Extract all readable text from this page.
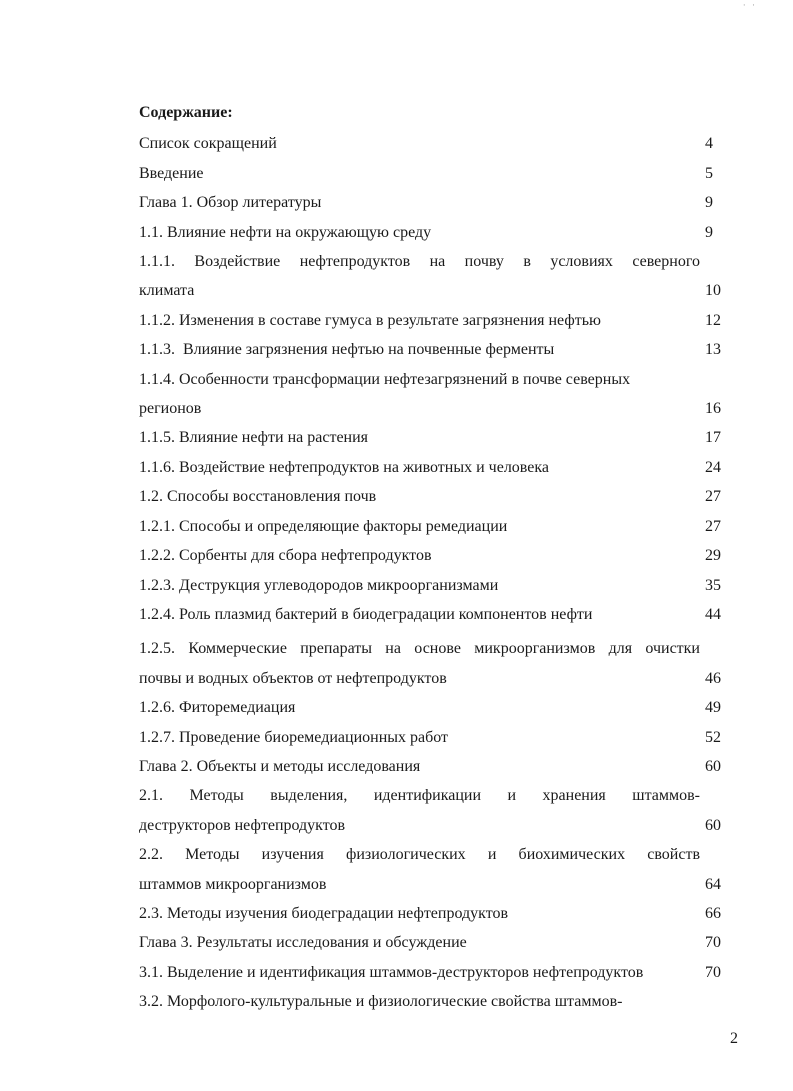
· ·
Содержание:
Список сокращений	4
Введение	5
Глава 1. Обзор литературы	9
1.1. Влияние нефти на окружающую среду	9
1.1.1. Воздействие нефтепродуктов на почву в условиях северного
климата	10
1.1.2. Изменения в составе гумуса в результате загрязнения нефтью	12
1.1.3.  Влияние загрязнения нефтью на почвенные ферменты	13
1.1.4. Особенности трансформации нефтезагрязнений в почве северных
регионов	16
1.1.5. Влияние нефти на растения	17
1.1.6. Воздействие нефтепродуктов на животных и человека	24
1.2. Способы восстановления почв	27
1.2.1. Способы и определяющие факторы ремедиации	27
1.2.2. Сорбенты для сбора нефтепродуктов	29
1.2.3. Деструкция углеводородов микроорганизмами	35
1.2.4. Роль плазмид бактерий в биодеградации компонентов нефти	44
1.2.5. Коммерческие препараты на основе микроорганизмов для очистки
почвы и водных объектов от нефтепродуктов	46
1.2.6. Фиторемедиация	49
1.2.7. Проведение биоремедиационных работ	52
Глава 2. Объекты и методы исследования	60
2.1. Методы выделения, идентификации и хранения штаммов-
деструкторов нефтепродуктов	60
2.2. Методы изучения физиологических и биохимических свойств
штаммов микроорганизмов	64
2.3. Методы изучения биодеградации нефтепродуктов	66
Глава 3. Результаты исследования и обсуждение	70
3.1. Выделение и идентификация штаммов-деструкторов нефтепродуктов	70
3.2. Морфолого-культуральные и физиологические свойства штаммов-
2
